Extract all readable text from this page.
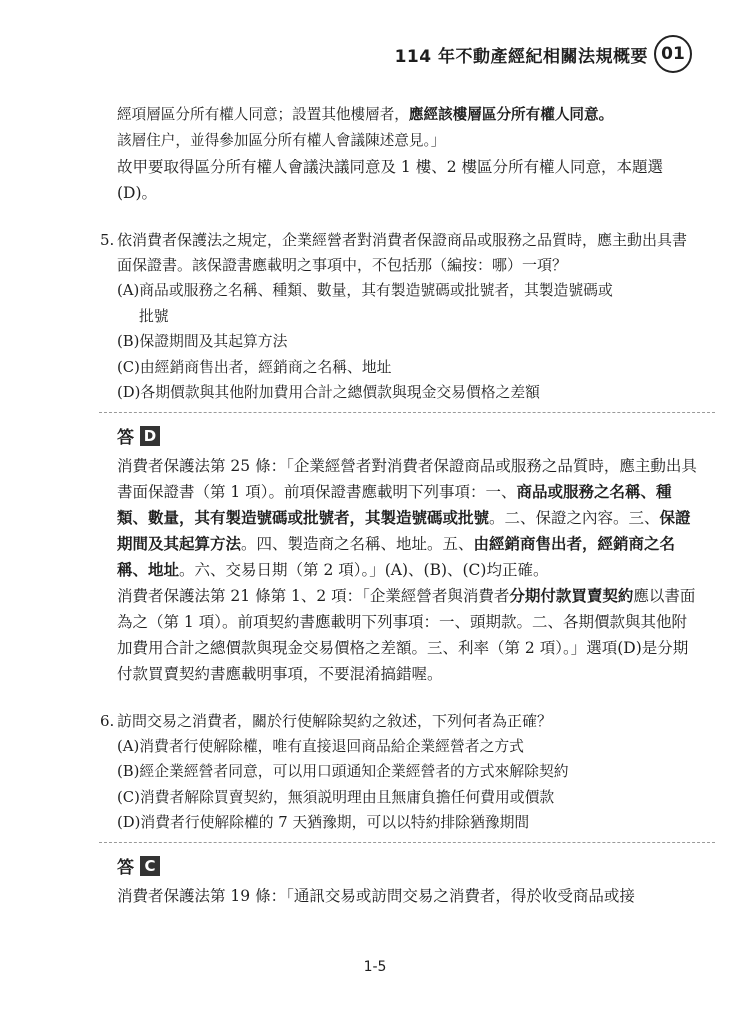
114 年不動產經紀相關法規概要 01

經項層區分所有權人同意；設置其他樓層者，應經該樓層區分所有權人同意。

該層住户，並得參加區分所有權人會議陳述意見。」

故甲要取得區分所有權人會議決議同意及 1 樓、2 樓區分所有權人同意，本題選(D)。

5. 依消費者保護法之規定，企業經營者對消費者保證商品或服務之品質時，應主動出具書面保證書。該保證書應載明之事項中，不包括那（編按：哪）一項？

(A)商品或服務之名稱、種類、數量，其有製造號碼或批號者，其製造號碼或
批號
(B)保證期間及其起算方法
(C)由經銷商售出者，經銷商之名稱、地址
(D)各期價款與其他附加費用合計之總價款與現金交易價格之差額
答 D

消費者保護法第 25 條：「企業經營者對消費者保證商品或服務之品質時，應主動出具書面保證書（第 1 項）。前項保證書應載明下列事項：一、商品或服務之名稱、種類、數量，其有製造號碼或批號者，其製造號碼或批號。二、保證之內容。三、保證期間及其起算方法。四、製造商之名稱、地址。五、由經銷商售出者，經銷商之名稱、地址。六、交易日期（第 2 項）。」(A)、(B)、(C)均正確。

消費者保護法第 21 條第 1、2 項：「企業經營者與消費者分期付款買賣契約應以書面為之（第 1 項）。前項契約書應載明下列事項：一、頭期款。二、各期價款與其他附加費用合計之總價款與現金交易價格之差額。三、利率（第 2 項）。」選項(D)是分期付款買賣契約書應載明事項，不要混淆搞錯喔。

6. 訪問交易之消費者，關於行使解除契約之敘述，下列何者為正確？

(A)消費者行使解除權，唯有直接退回商品給企業經營者之方式
(B)經企業經營者同意，可以用口頭通知企業經營者的方式來解除契約
(C)消費者解除買賣契約，無須説明理由且無庸負擔任何費用或價款
(D)消費者行使解除權的 7 天猶豫期，可以以特約排除猶豫期間
答 C

消費者保護法第 19 條：「通訊交易或訪問交易之消費者，得於收受商品或接

1-5
